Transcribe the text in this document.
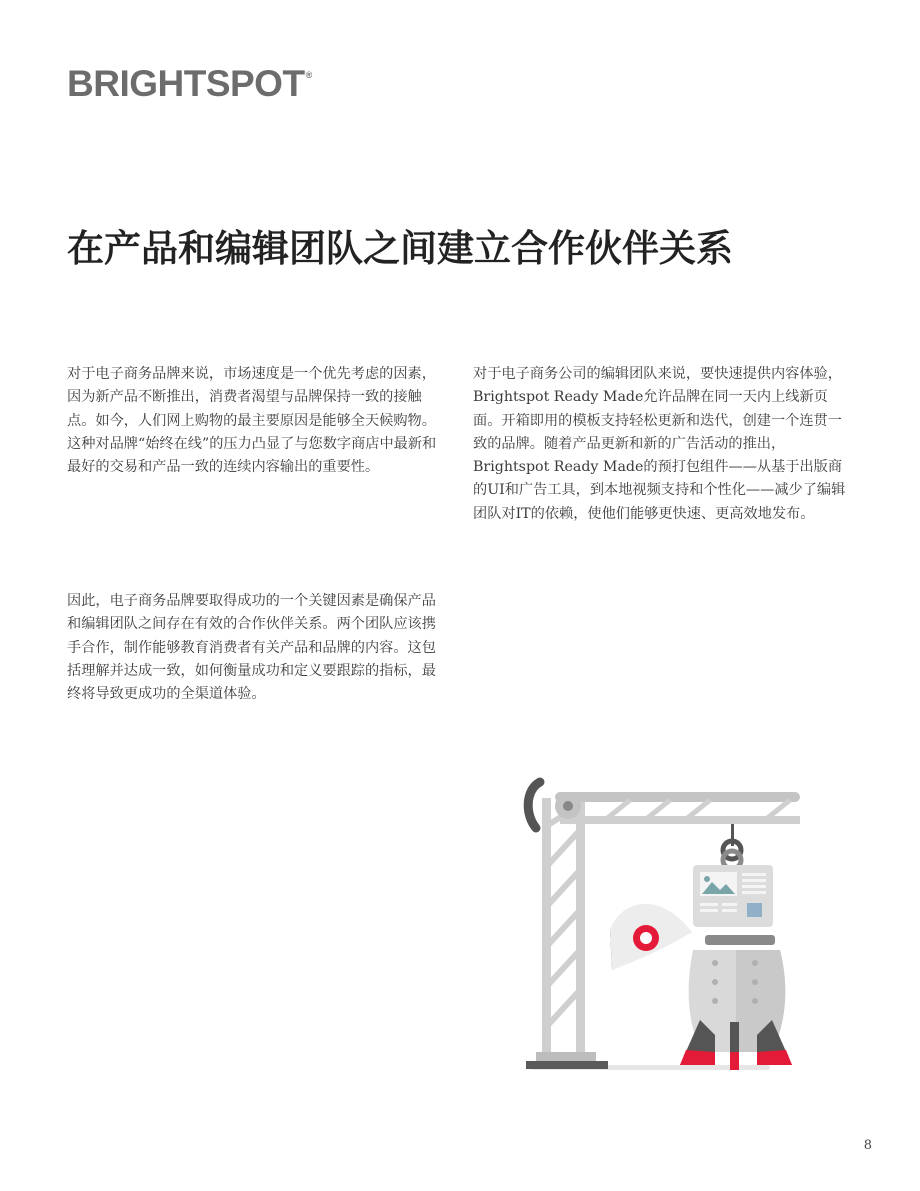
BRIGHTSPOT ®
在产品和编辑团队之间建立合作伙伴关系
对于电子商务品牌来说，市场速度是一个优先考虑的因素，因为新产品不断推出，消费者渴望与品牌保持一致的接触点。如今，人们网上购物的最主要原因是能够全天候购物。这种对品牌“始终在线”的压力凸显了与您数字商店中最新和最好的交易和产品一致的连续内容输出的重要性。
对于电子商务公司的编辑团队来说，要快速提供内容体验，Brightspot Ready Made允许品牌在同一天内上线新页面。开箱即用的模板支持轻松更新和迭代，创建一个连贯一致的品牌。随着产品更新和新的广告活动的推出，Brightspot Ready Made的预打包组件——从基于出版商的UI和广告工具，到本地视频支持和个性化——减少了编辑团队对IT的依赖，使他们能够更快速、更高效地发布。
因此，电子商务品牌要取得成功的一个关键因素是确保产品和编辑团队之间存在有效的合作伙伴关系。两个团队应该携手合作，制作能够教育消费者有关产品和品牌的内容。这包括理解并达成一致，如何衡量成功和定义要跟踪的指标，最终将导致更成功的全渠道体验。
8
